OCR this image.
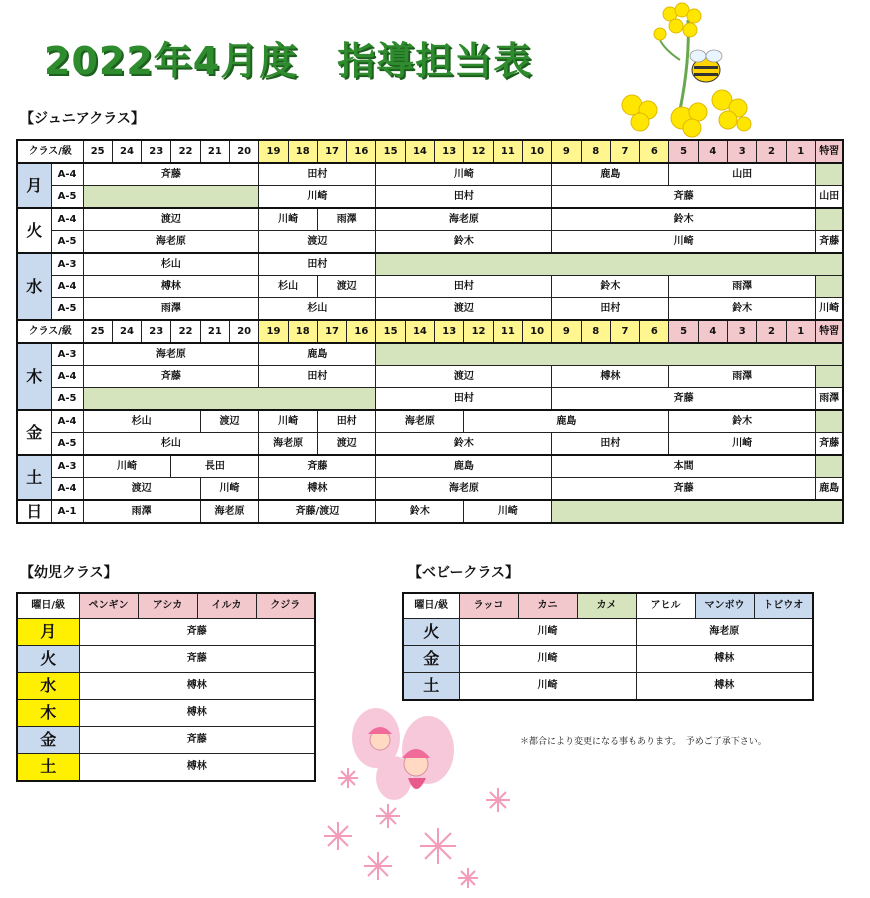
2022年4月度　指導担当表
【ジュニアクラス】
クラス/級		25	24	23	22	21	20	19	18	17	16	15	14	13	12	11	10	9	8	7	6	5	4	3	2	1	特習
月	A-4	斉藤						田村				川崎						鹿島				山田					
	A-5							川崎				田村						斉藤									山田
火	A-4	渡辺						川崎		雨澤		海老原						鈴木									
	A-5	海老原						渡辺				鈴木						川崎									斉藤
水	A-3	杉山						田村																			
	A-4	榑林						杉山		渡辺		田村						鈴木				雨澤					
	A-5	雨澤						杉山				渡辺						田村				鈴木					川崎
クラス/級		25	24	23	22	21	20	19	18	17	16	15	14	13	12	11	10	9	8	7	6	5	4	3	2	1	特習
木	A-3	海老原						鹿島																			
	A-4	斉藤						田村				渡辺						榑林				雨澤					
	A-5											田村						斉藤									雨澤
金	A-4	杉山				渡辺		川崎		田村		海老原			鹿島							鈴木					
	A-5	杉山						海老原		渡辺		鈴木						田村				川崎					斉藤
土	A-3	川崎			長田			斉藤				鹿島						本間									
	A-4	渡辺				川崎		榑林				海老原						斉藤									鹿島
日	A-1	雨澤				海老原		斉藤/渡辺				鈴木			川崎												
【幼児クラス】
曜日/級	ペンギン	アシカ	イルカ	クジラ
月	斉藤			
火	斉藤			
水	榑林			
木	榑林			
金	斉藤			
土	榑林			
【ベビークラス】
曜日/級	ラッコ	カニ	カメ	アヒル	マンボウ	トビウオ
火	川崎			海老原		
金	川崎			榑林		
土	川崎			榑林		
＊都合により変更になる事もあります。　予めご了承下さい。
